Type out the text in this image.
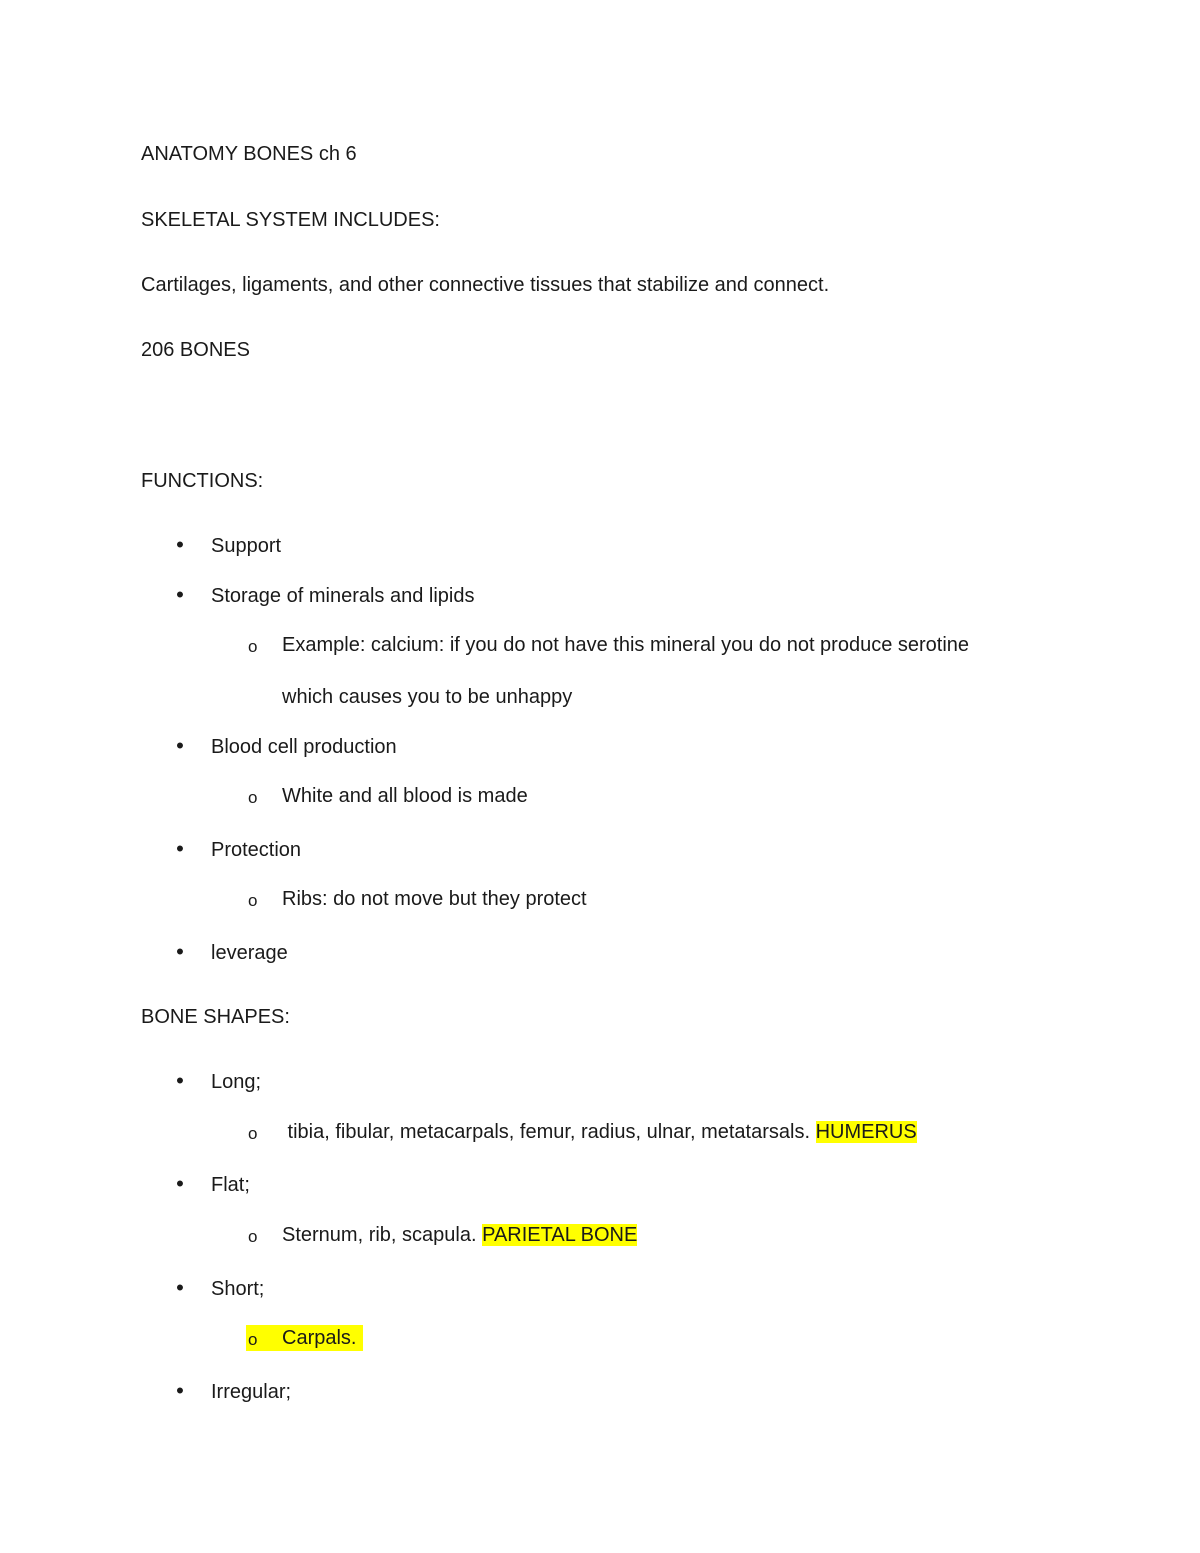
ANATOMY BONES ch 6
SKELETAL SYSTEM INCLUDES:
Cartilages, ligaments, and other connective tissues that stabilize and connect.
206 BONES
FUNCTIONS:
• Support
• Storage of minerals and lipids
o Example: calcium: if you do not have this mineral you do not produce serotine
which causes you to be unhappy
• Blood cell production
o White and all blood is made
• Protection
o Ribs: do not move but they protect
• leverage
BONE SHAPES:
• Long;
o tibia, fibular, metacarpals, femur, radius, ulnar, metatarsals. HUMERUS
• Flat;
o Sternum, rib, scapula. PARIETAL BONE
• Short;
o Carpals.
• Irregular;
